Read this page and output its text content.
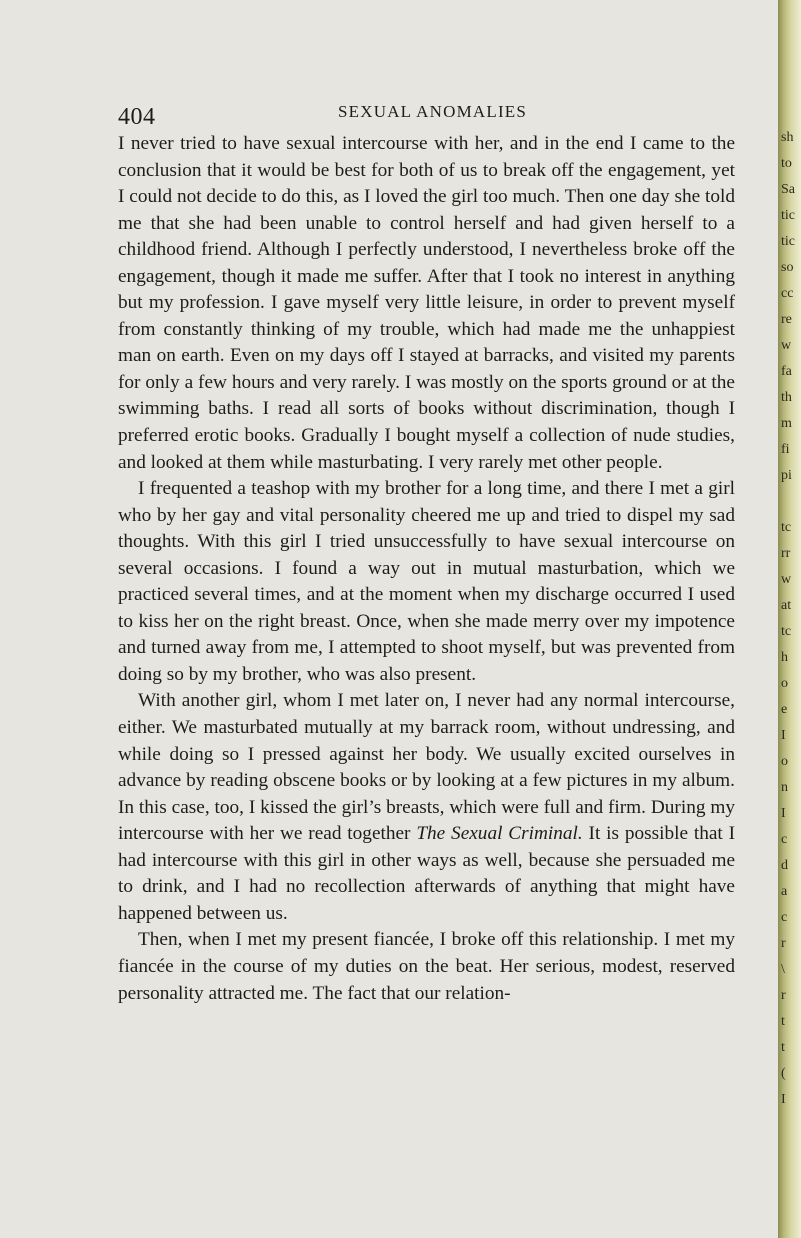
404	SEXUAL ANOMALIES

I never tried to have sexual intercourse with her, and in the end I came to the conclusion that it would be best for both of us to break off the engagement, yet I could not decide to do this, as I loved the girl too much. Then one day she told me that she had been unable to control herself and had given herself to a childhood friend. Although I perfectly understood, I nevertheless broke off the engagement, though it made me suffer. After that I took no interest in anything but my profession. I gave myself very little leisure, in order to prevent myself from constantly thinking of my trouble, which had made me the unhappiest man on earth. Even on my days off I stayed at barracks, and visited my parents for only a few hours and very rarely. I was mostly on the sports ground or at the swimming baths. I read all sorts of books without discrimination, though I preferred erotic books. Gradually I bought myself a collection of nude studies, and looked at them while masturbating. I very rarely met other people.

I frequented a teashop with my brother for a long time, and there I met a girl who by her gay and vital personality cheered me up and tried to dispel my sad thoughts. With this girl I tried unsuccessfully to have sexual intercourse on several occasions. I found a way out in mutual masturbation, which we practiced several times, and at the moment when my discharge occurred I used to kiss her on the right breast. Once, when she made merry over my impotence and turned away from me, I attempted to shoot myself, but was prevented from doing so by my brother, who was also present.

With another girl, whom I met later on, I never had any normal intercourse, either. We masturbated mutually at my barrack room, without undressing, and while doing so I pressed against her body. We usually excited ourselves in advance by reading obscene books or by looking at a few pictures in my album. In this case, too, I kissed the girl’s breasts, which were full and firm. During my intercourse with her we read together The Sexual Criminal. It is possible that I had intercourse with this girl in other ways as well, because she persuaded me to drink, and I had no recollection afterwards of anything that might have happened between us.

Then, when I met my present fiancée, I broke off this relationship. I met my fiancée in the course of my duties on the beat. Her serious, modest, reserved personality attracted me. The fact that our relation-

sh
to
Sa
tic
tic
so
cc
re
w
fa
th
m
fi
pi
tc
rr
w
at
tc
h
o
e
I
o
n
I
c
d
a
c
r
\
r
t
t
(
I
